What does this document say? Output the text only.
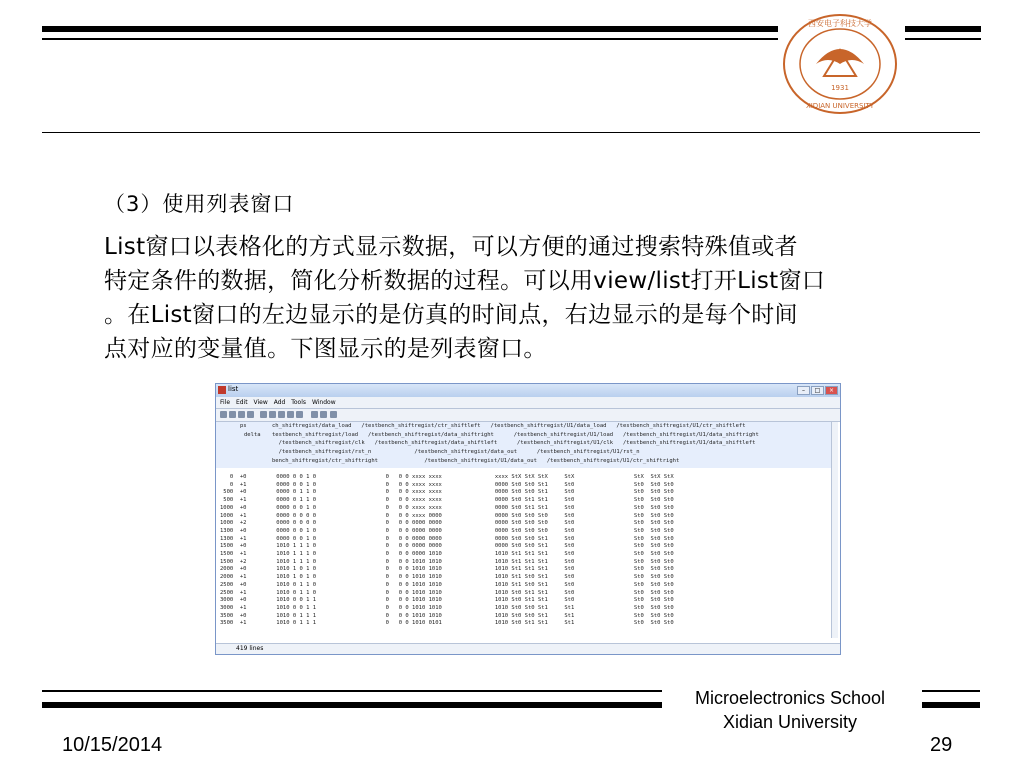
西安电子科技大学
1931
XIDIAN UNIVERSITY
（3）使用列表窗口
List窗口以表格化的方式显示数据，可以方便的通过搜索特殊值或者
特定条件的数据，简化分析数据的过程。可以用view/list打开List窗口
。在List窗口的左边显示的是仿真的时间点，右边显示的是每个时间
点对应的变量值。下图显示的是列表窗口。
list	–	□	×
File Edit View Add Tools Window
ps
delta
ch_shiftregist/data_load   /testbench_shiftregist/ctr_shiftleft   /testbench_shiftregist/U1/data_load   /testbench_shiftregist/U1/ctr_shiftleft
testbench_shiftregist/load   /testbench_shiftregist/data_shiftright      /testbench_shiftregist/U1/load   /testbench_shiftregist/U1/data_shiftright
/testbench_shiftregist/clk   /testbench_shiftregist/data_shiftleft      /testbench_shiftregist/U1/clk   /testbench_shiftregist/U1/data_shiftleft
/testbench_shiftregist/rst_n             /testbench_shiftregist/data_out      /testbench_shiftregist/U1/rst_n
bench_shiftregist/ctr_shiftright              /testbench_shiftregist/U1/data_out   /testbench_shiftregist/U1/ctr_shiftright
0  +0         0000 0 0 1 0                     0   0 0 xxxx xxxx                xxxx StX StX StX     StX                  StX  StX StX
0  +1         0000 0 0 1 0                     0   0 0 xxxx xxxx                0000 St0 St0 St1     St0                  St0  St0 St0
500  +0         0000 0 1 1 0                     0   0 0 xxxx xxxx                0000 St0 St0 St1     St0                  St0  St0 St0
500  +1         0000 0 1 1 0                     0   0 0 xxxx xxxx                0000 St0 St1 St1     St0                  St0  St0 St0
1000  +0         0000 0 0 1 0                     0   0 0 xxxx xxxx                0000 St0 St1 St1     St0                  St0  St0 St0
1000  +1         0000 0 0 0 0                     0   0 0 xxxx 0000                0000 St0 St0 St0     St0                  St0  St0 St0
1000  +2         0000 0 0 0 0                     0   0 0 0000 0000                0000 St0 St0 St0     St0                  St0  St0 St0
1300  +0         0000 0 0 1 0                     0   0 0 0000 0000                0000 St0 St0 St0     St0                  St0  St0 St0
1300  +1         0000 0 0 1 0                     0   0 0 0000 0000                0000 St0 St0 St1     St0                  St0  St0 St0
1500  +0         1010 1 1 1 0                     0   0 0 0000 0000                0000 St0 St0 St1     St0                  St0  St0 St0
1500  +1         1010 1 1 1 0                     0   0 0 0000 1010                1010 St1 St1 St1     St0                  St0  St0 St0
1500  +2         1010 1 1 1 0                     0   0 0 1010 1010                1010 St1 St1 St1     St0                  St0  St0 St0
2000  +0         1010 1 0 1 0                     0   0 0 1010 1010                1010 St1 St1 St1     St0                  St0  St0 St0
2000  +1         1010 1 0 1 0                     0   0 0 1010 1010                1010 St1 St0 St1     St0                  St0  St0 St0
2500  +0         1010 0 1 1 0                     0   0 0 1010 1010                1010 St1 St0 St1     St0                  St0  St0 St0
2500  +1         1010 0 1 1 0                     0   0 0 1010 1010                1010 St0 St1 St1     St0                  St0  St0 St0
3000  +0         1010 0 0 1 1                     0   0 0 1010 1010                1010 St0 St1 St1     St0                  St0  St0 St0
3000  +1         1010 0 0 1 1                     0   0 0 1010 1010                1010 St0 St0 St1     St1                  St0  St0 St0
3500  +0         1010 0 1 1 1                     0   0 0 1010 1010                1010 St0 St0 St1     St1                  St0  St0 St0
3500  +1         1010 0 1 1 1                     0   0 0 1010 0101                1010 St0 St1 St1     St1                  St0  St0 St0
419 lines
Microelectronics School
Xidian University
10/15/2014	29
